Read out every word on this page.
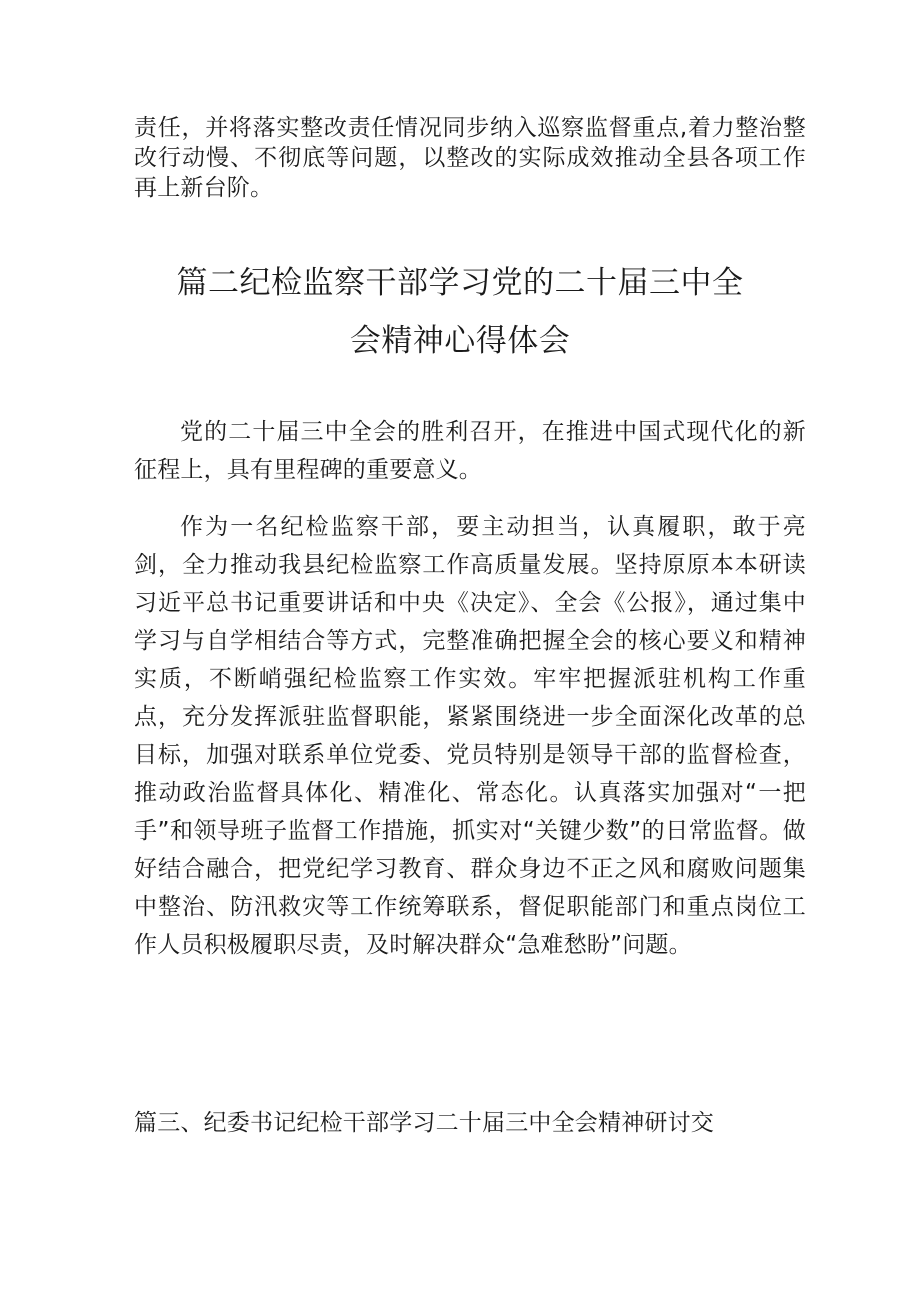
责任，并将落实整改责任情况同步纳入巡察监督重点,着力整治整改行动慢、不彻底等问题，以整改的实际成效推动全县各项工作再上新台阶。

篇二纪检监察干部学习党的二十届三中全
会精神心得体会

党的二十届三中全会的胜利召开，在推进中国式现代化的新征程上，具有里程碑的重要意义。

作为一名纪检监察干部，要主动担当，认真履职，敢于亮剑，全力推动我县纪检监察工作高质量发展。坚持原原本本研读习近平总书记重要讲话和中央《决定》、全会《公报》，通过集中学习与自学相结合等方式，完整准确把握全会的核心要义和精神实质，不断峭强纪检监察工作实效。牢牢把握派驻机构工作重点，充分发挥派驻监督职能，紧紧围绕进一步全面深化改革的总目标，加强对联系单位党委、党员特别是领导干部的监督检查，推动政治监督具体化、精准化、常态化。认真落实加强对“一把手”和领导班子监督工作措施，抓实对“关键少数”的日常监督。做好结合融合，把党纪学习教育、群众身边不正之风和腐败问题集中整治、防汛救灾等工作统筹联系，督促职能部门和重点岗位工作人员积极履职尽责，及时解决群众“急难愁盼”问题。

篇三、纪委书记纪检干部学习二十届三中全会精神研讨交
